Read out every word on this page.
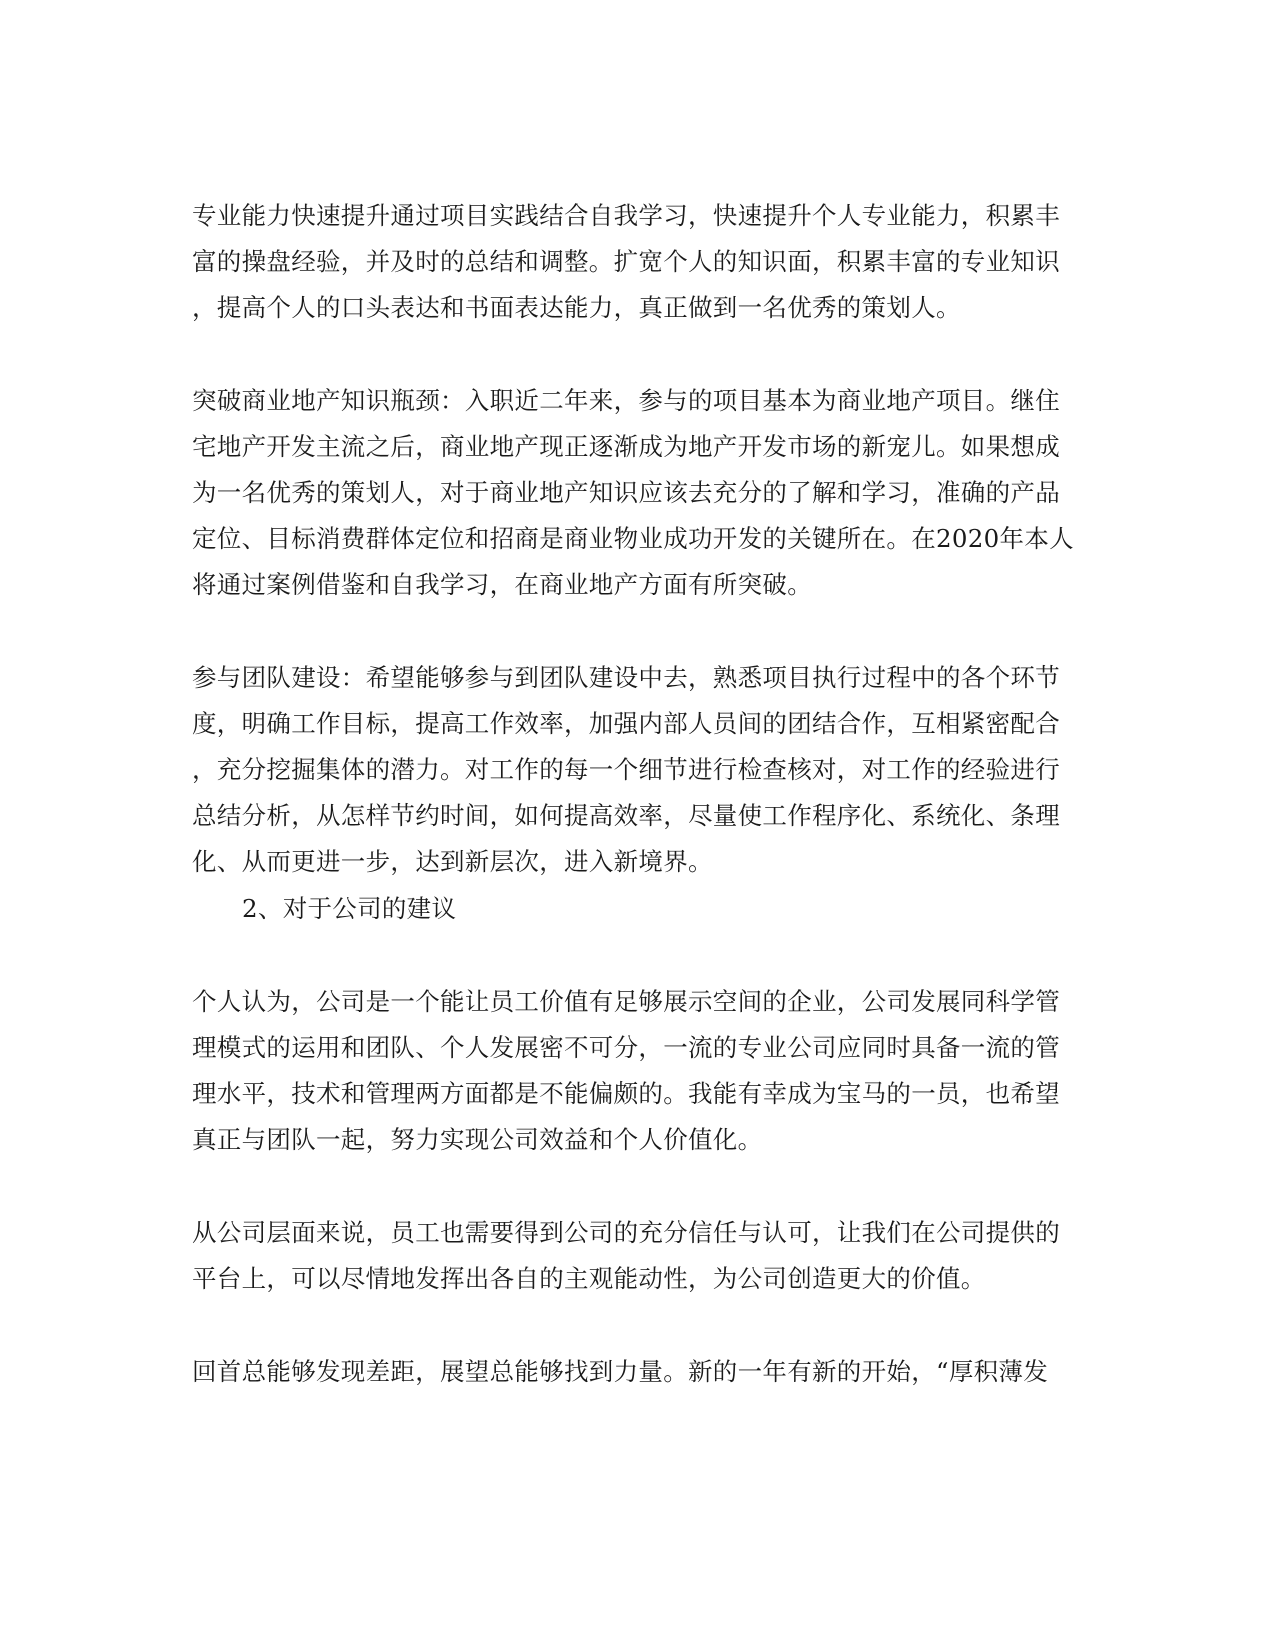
专业能力快速提升通过项目实践结合自我学习，快速提升个人专业能力，积累丰
富的操盘经验，并及时的总结和调整。扩宽个人的知识面，积累丰富的专业知识
，提高个人的口头表达和书面表达能力，真正做到一名优秀的策划人。
突破商业地产知识瓶颈：入职近二年来，参与的项目基本为商业地产项目。继住
宅地产开发主流之后，商业地产现正逐渐成为地产开发市场的新宠儿。如果想成
为一名优秀的策划人，对于商业地产知识应该去充分的了解和学习，准确的产品
定位、目标消费群体定位和招商是商业物业成功开发的关键所在。在2020年本人
将通过案例借鉴和自我学习，在商业地产方面有所突破。
参与团队建设：希望能够参与到团队建设中去，熟悉项目执行过程中的各个环节
度，明确工作目标，提高工作效率，加强内部人员间的团结合作，互相紧密配合
，充分挖掘集体的潜力。对工作的每一个细节进行检查核对，对工作的经验进行
总结分析，从怎样节约时间，如何提高效率，尽量使工作程序化、系统化、条理
化、从而更进一步，达到新层次，进入新境界。
2、对于公司的建议
个人认为，公司是一个能让员工价值有足够展示空间的企业，公司发展同科学管
理模式的运用和团队、个人发展密不可分，一流的专业公司应同时具备一流的管
理水平，技术和管理两方面都是不能偏颇的。我能有幸成为宝马的一员，也希望
真正与团队一起，努力实现公司效益和个人价值化。
从公司层面来说，员工也需要得到公司的充分信任与认可，让我们在公司提供的
平台上，可以尽情地发挥出各自的主观能动性，为公司创造更大的价值。
回首总能够发现差距，展望总能够找到力量。新的一年有新的开始，“厚积薄发
